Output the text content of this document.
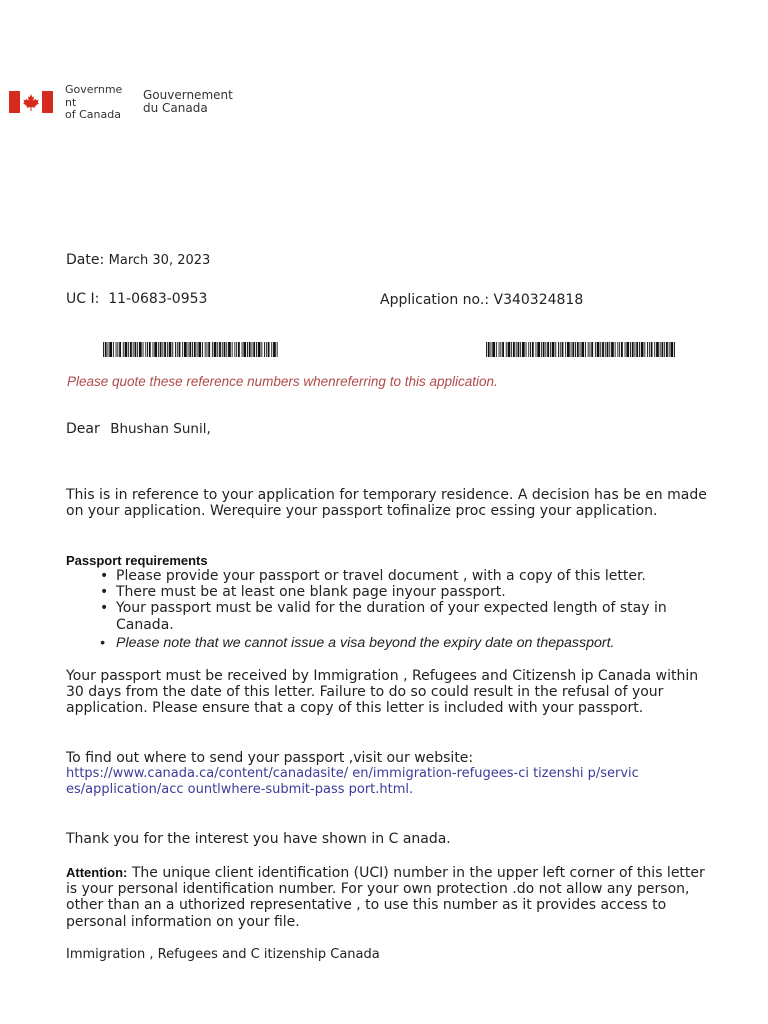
Governme
nt
of Canada
Gouvernement
du Canada
Date: March 30, 2023
UC I: 11-0683-0953	Application no.: V340324818
Please quote these reference numbers whenreferring to this application.
Dear Bhushan Sunil,
This is in reference to your application for temporary residence. A decision has be en made on your application. Werequire your passport tofinalize proc essing your application.
Passport requirements
• Please provide your passport or travel document , with a copy of this letter.
• There must be at least one blank page inyour passport.
• Your passport must be valid for the duration of your expected length of stay in Canada.
• Please note that we cannot issue a visa beyond the expiry date on thepassport.
Your passport must be received by Immigration , Refugees and Citizensh ip Canada within
30 days from the date of this letter. Failure to do so could result in the refusal of your application. Please ensure that a copy of this letter is included with your passport.
To find out where to send your passport ,visit our website:
https://www.canada.ca/content/canadasite/ en/immigration-refugees-ci tizenshi p/servic
es/application/acc ountlwhere-submit-pass port.html.
Thank you for the interest you have shown in C anada.
Attention: The unique client identification (UCI) number in the upper left corner of this letter is your personal identification number. For your own protection .do not allow any person, other than an a uthorized representative , to use this number as it provides access to personal information on your file.
Immigration , Refugees and C itizenship Canada
